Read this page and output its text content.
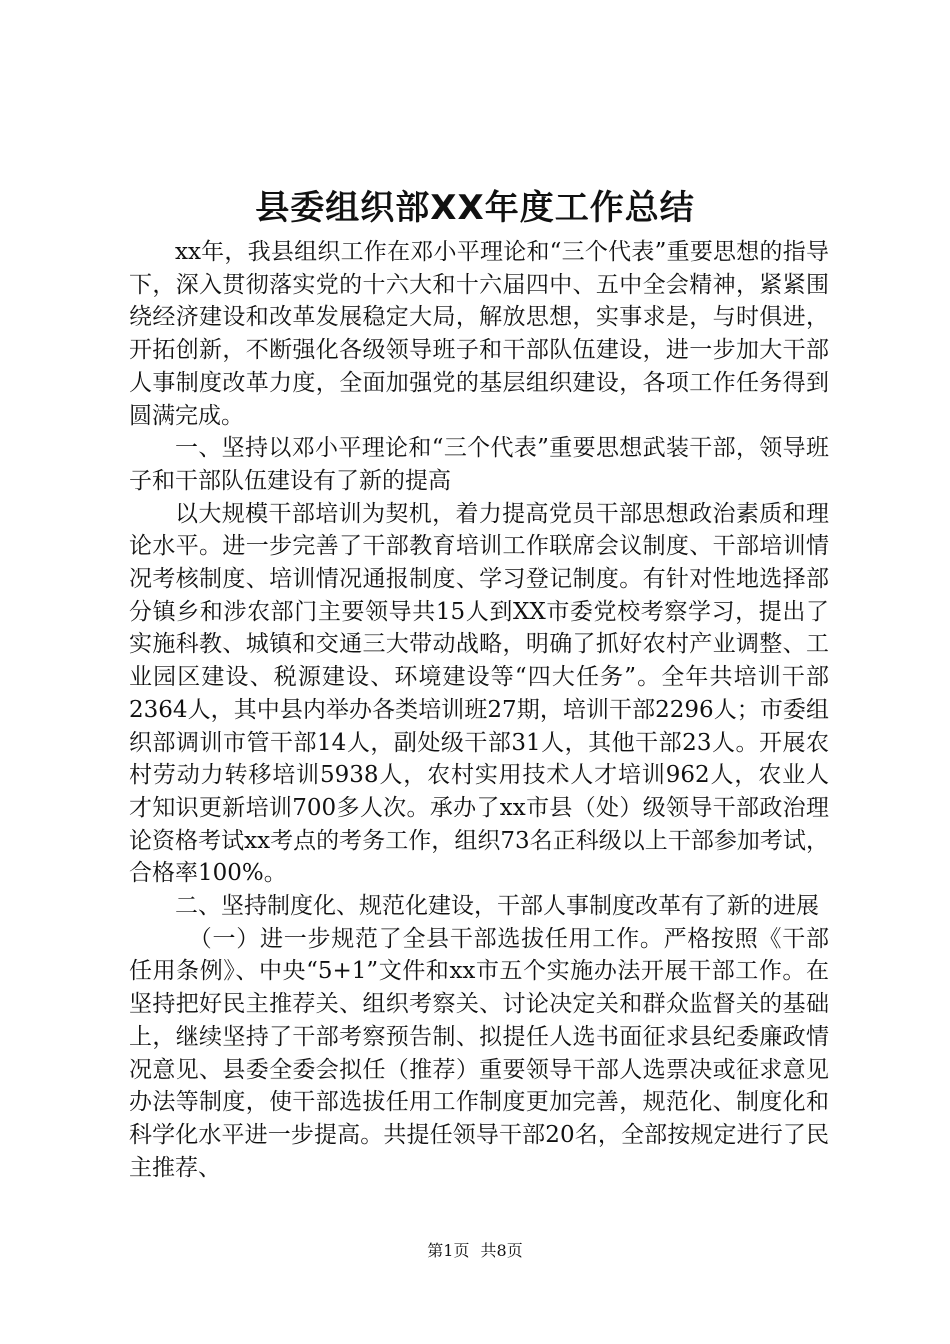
县委组织部XX年度工作总结

xx年，我县组织工作在邓小平理论和“三个代表”重要思想的指导下，深入贯彻落实党的十六大和十六届四中、五中全会精神，紧紧围绕经济建设和改革发展稳定大局，解放思想，实事求是，与时俱进，开拓创新，不断强化各级领导班子和干部队伍建设，进一步加大干部人事制度改革力度，全面加强党的基层组织建设，各项工作任务得到圆满完成。

一、坚持以邓小平理论和“三个代表”重要思想武装干部，领导班子和干部队伍建设有了新的提高

以大规模干部培训为契机，着力提高党员干部思想政治素质和理论水平。进一步完善了干部教育培训工作联席会议制度、干部培训情况考核制度、培训情况通报制度、学习登记制度。有针对性地选择部分镇乡和涉农部门主要领导共15人到XX市委党校考察学习，提出了实施科教、城镇和交通三大带动战略，明确了抓好农村产业调整、工业园区建设、税源建设、环境建设等“四大任务”。全年共培训干部2364人，其中县内举办各类培训班27期，培训干部2296人；市委组织部调训市管干部14人，副处级干部31人，其他干部23人。开展农村劳动力转移培训5938人，农村实用技术人才培训962人，农业人才知识更新培训700多人次。承办了xx市县（处）级领导干部政治理论资格考试xx考点的考务工作，组织73名正科级以上干部参加考试，合格率100%。

二、坚持制度化、规范化建设，干部人事制度改革有了新的进展

（一）进一步规范了全县干部选拔任用工作。严格按照《干部任用条例》、中央“5+1”文件和xx市五个实施办法开展干部工作。在坚持把好民主推荐关、组织考察关、讨论决定关和群众监督关的基础上，继续坚持了干部考察预告制、拟提任人选书面征求县纪委廉政情况意见、县委全委会拟任（推荐）重要领导干部人选票决或征求意见办法等制度，使干部选拔任用工作制度更加完善，规范化、制度化和科学化水平进一步提高。共提任领导干部20名，全部按规定进行了民主推荐、

第1页 共8页
